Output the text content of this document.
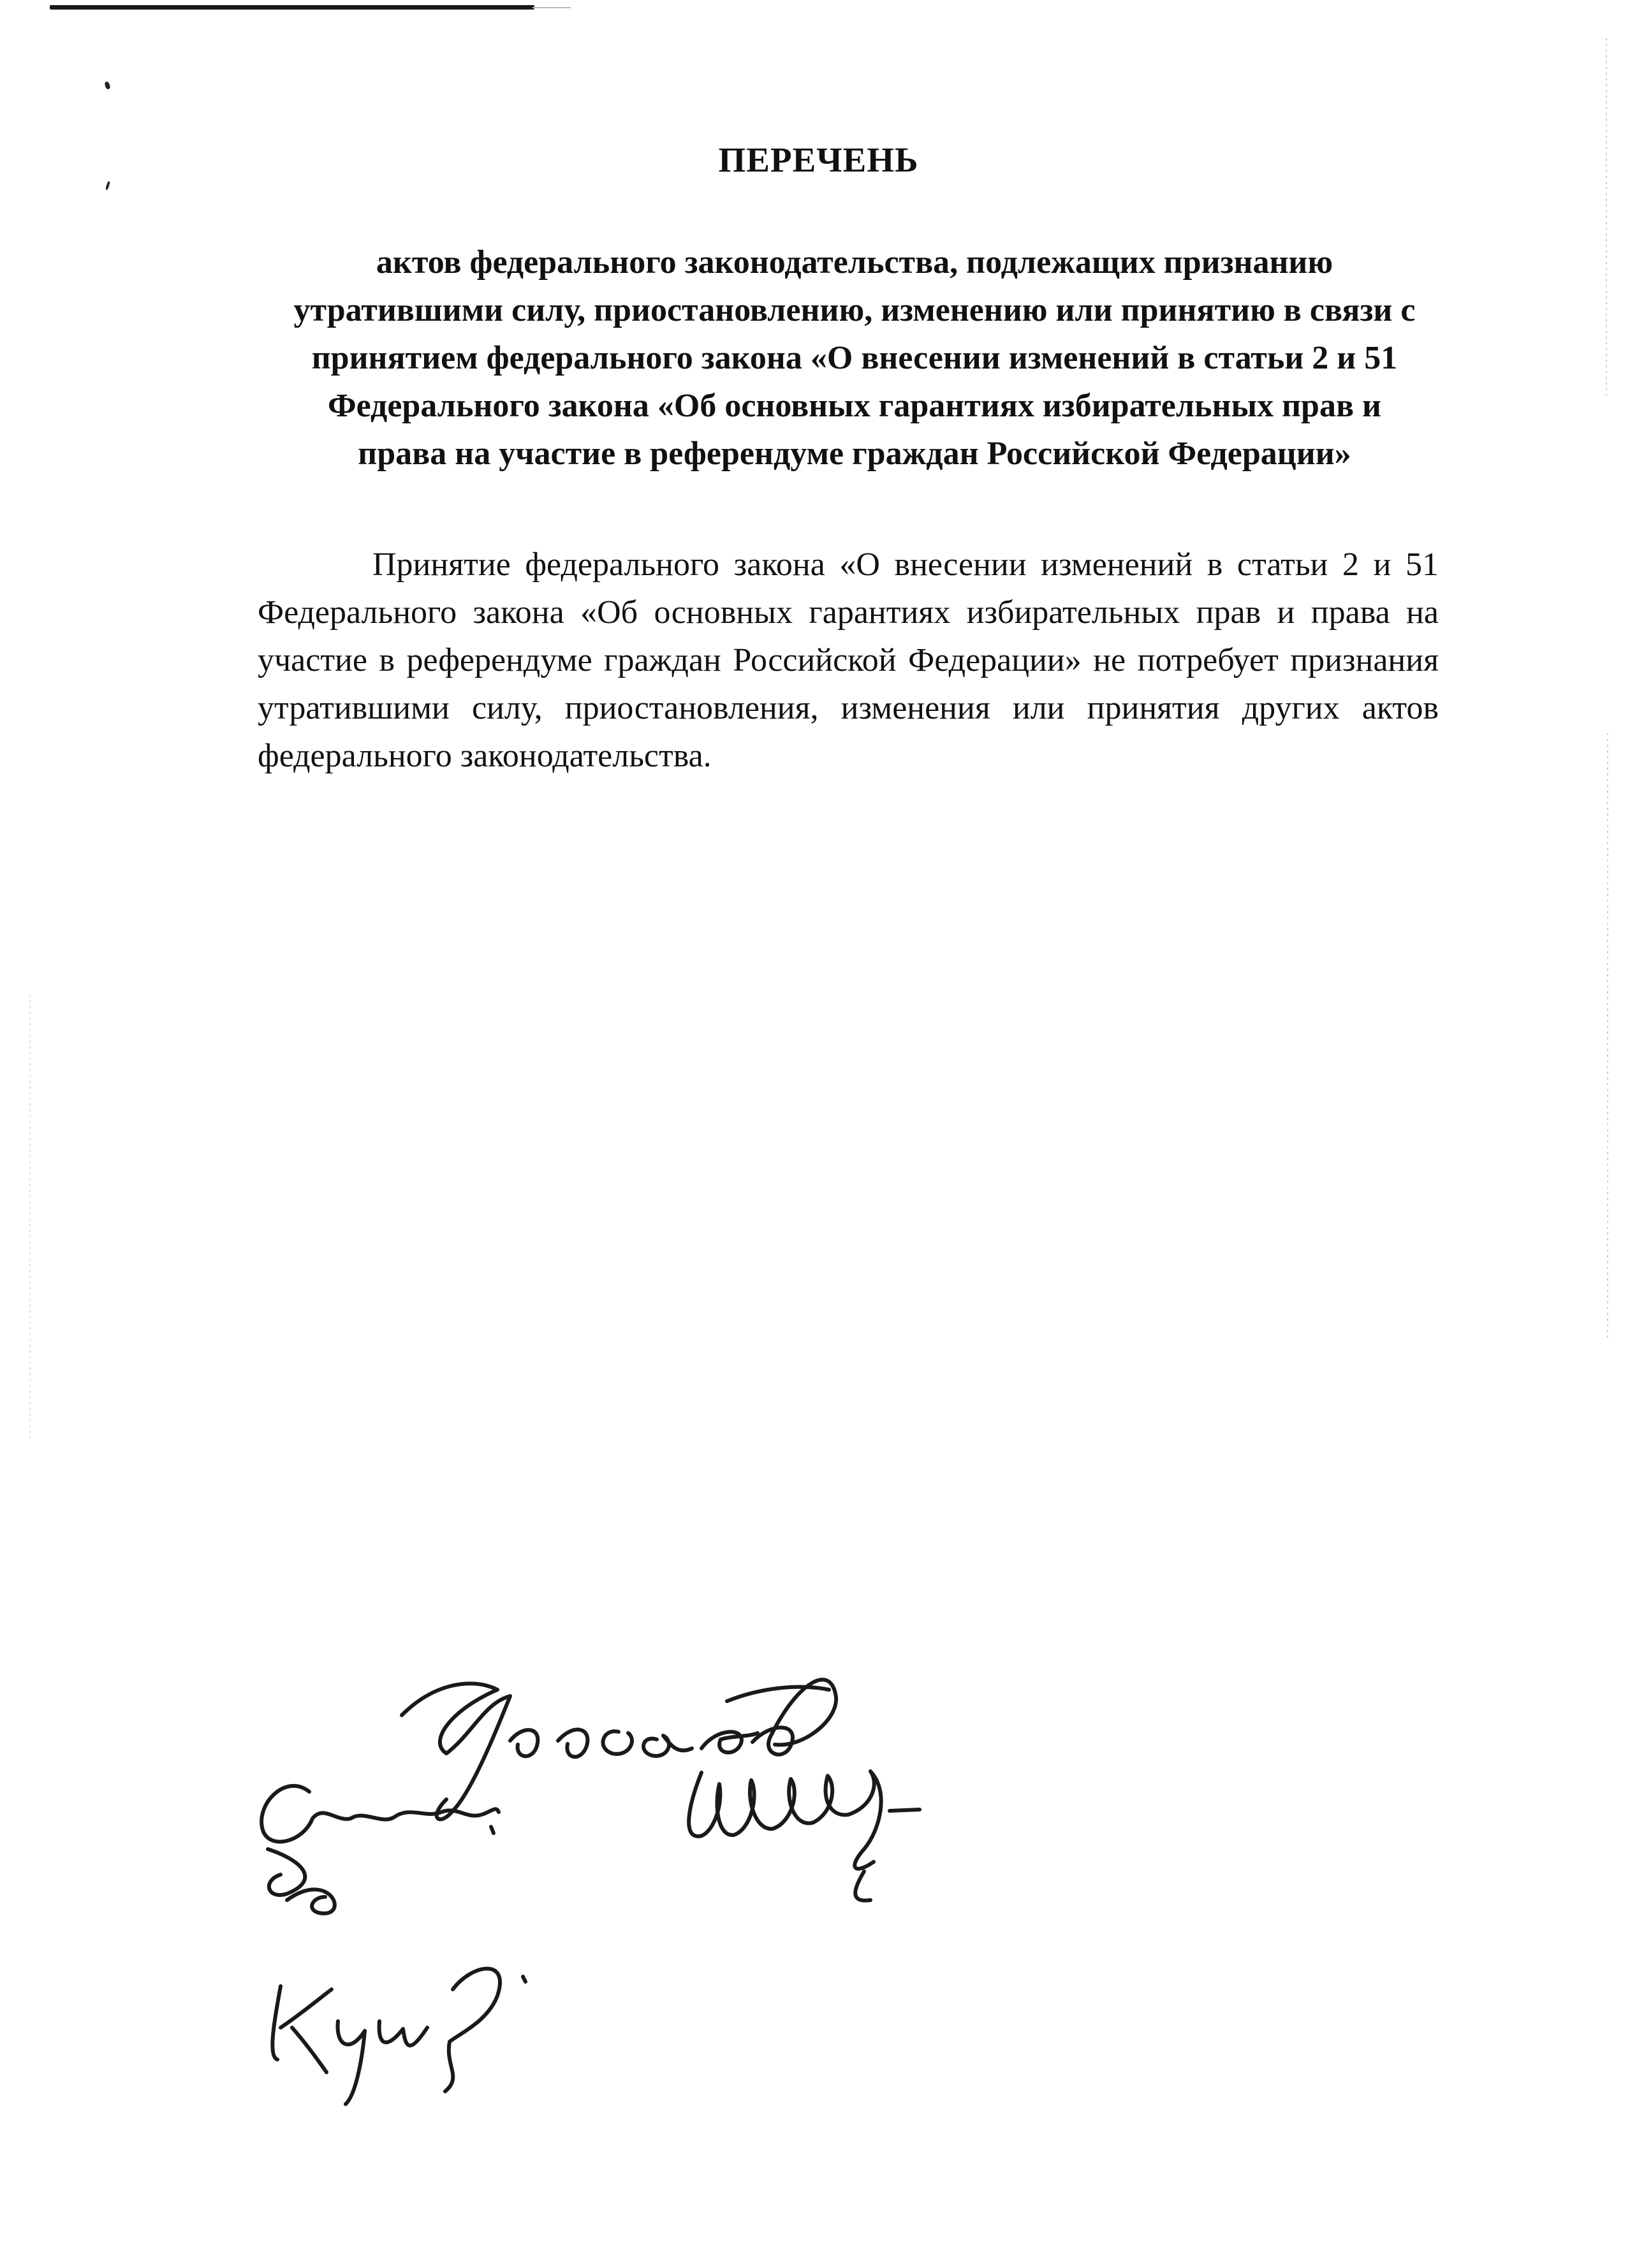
ПЕРЕЧЕНЬ
актов федерального законодательства, подлежащих признанию
утратившими силу, приостановлению, изменению или принятию в связи с
принятием федерального закона «О внесении изменений в статьи 2 и 51
Федерального закона «Об основных гарантиях избирательных прав и
права на участие в референдуме граждан Российской Федерации»
Принятие федерального закона «О внесении изменений в статьи 2 и 51 Федерального закона «Об основных гарантиях избирательных прав и права на участие в референдуме граждан Российской Федерации» не потребует признания утратившими силу, приостановления, изменения или принятия других актов федерального законодательства.
